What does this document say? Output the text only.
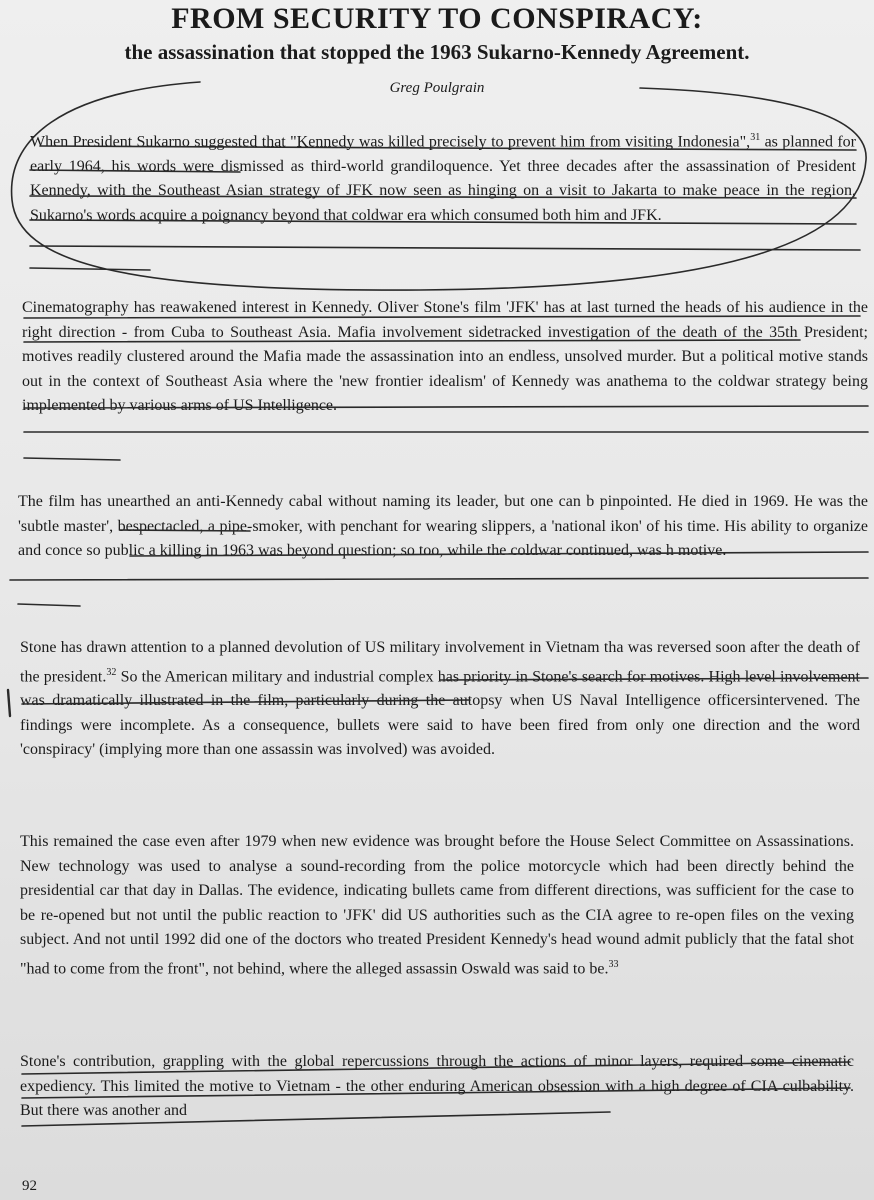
FROM SECURITY TO CONSPIRACY:
the assassination that stopped the 1963 Sukarno-Kennedy Agreement.
Greg Poulgrain

When President Sukarno suggested that "Kennedy was killed precisely to prevent him from visiting Indonesia",$^{31}$ as planned for early 1964, his words were dismissed as third-world grandiloquence. Yet three decades after the assassination of President Kennedy, with the Southeast Asian strategy of JFK now seen as hinging on a visit to Jakarta to make peace in the region, Sukarno's words acquire a poignancy beyond that coldwar era which consumed both him and JFK.

Cinematography has reawakened interest in Kennedy. Oliver Stone's film 'JFK' has at last turned the heads of his audience in the right direction - from Cuba to Southeast Asia. Mafia involvement sidetracked investigation of the death of the 35th President; motives readily clustered around the Mafia made the assassination into an endless, unsolved murder. But a political motive stands out in the context of Southeast Asia where the 'new frontier idealism' of Kennedy was anathema to the coldwar strategy being implemented by various arms of US Intelligence.

The film has unearthed an anti-Kennedy cabal without naming its leader, but one can b pinpointed. He died in 1969. He was the 'subtle master', bespectacled, a pipe-smoker, with penchant for wearing slippers, a 'national ikon' of his time. His ability to organize and conce so public a killing in 1963 was beyond question; so too, while the coldwar continued, was h motive.

Stone has drawn attention to a planned devolution of US military involvement in Vietnam tha was reversed soon after the death of the president.$^{32}$ So the American military and industrial complex has priority in Stone's search for motives. High level involvement was dramatically illustrated in the film, particularly during the autopsy when US Naval Intelligence officersintervened. The findings were incomplete. As a consequence, bullets were said to have been fired from only one direction and the word 'conspiracy' (implying more than one assassin was involved) was avoided.

This remained the case even after 1979 when new evidence was brought before the House Select Committee on Assassinations. New technology was used to analyse a sound-recording from the police motorcycle which had been directly behind the presidential car that day in Dallas. The evidence, indicating bullets came from different directions, was sufficient for the case to be re-opened but not until the public reaction to 'JFK' did US authorities such as the CIA agree to re-open files on the vexing subject. And not until 1992 did one of the doctors who treated President Kennedy's head wound admit publicly that the fatal shot "had to come from the front", not behind, where the alleged assassin Oswald was said to be.$^{33}$

Stone's contribution, grappling with the global repercussions through the actions of minor layers, required some cinematic expediency. This limited the motive to Vietnam - the other enduring American obsession with a high degree of CIA culbability. But there was another and

92
